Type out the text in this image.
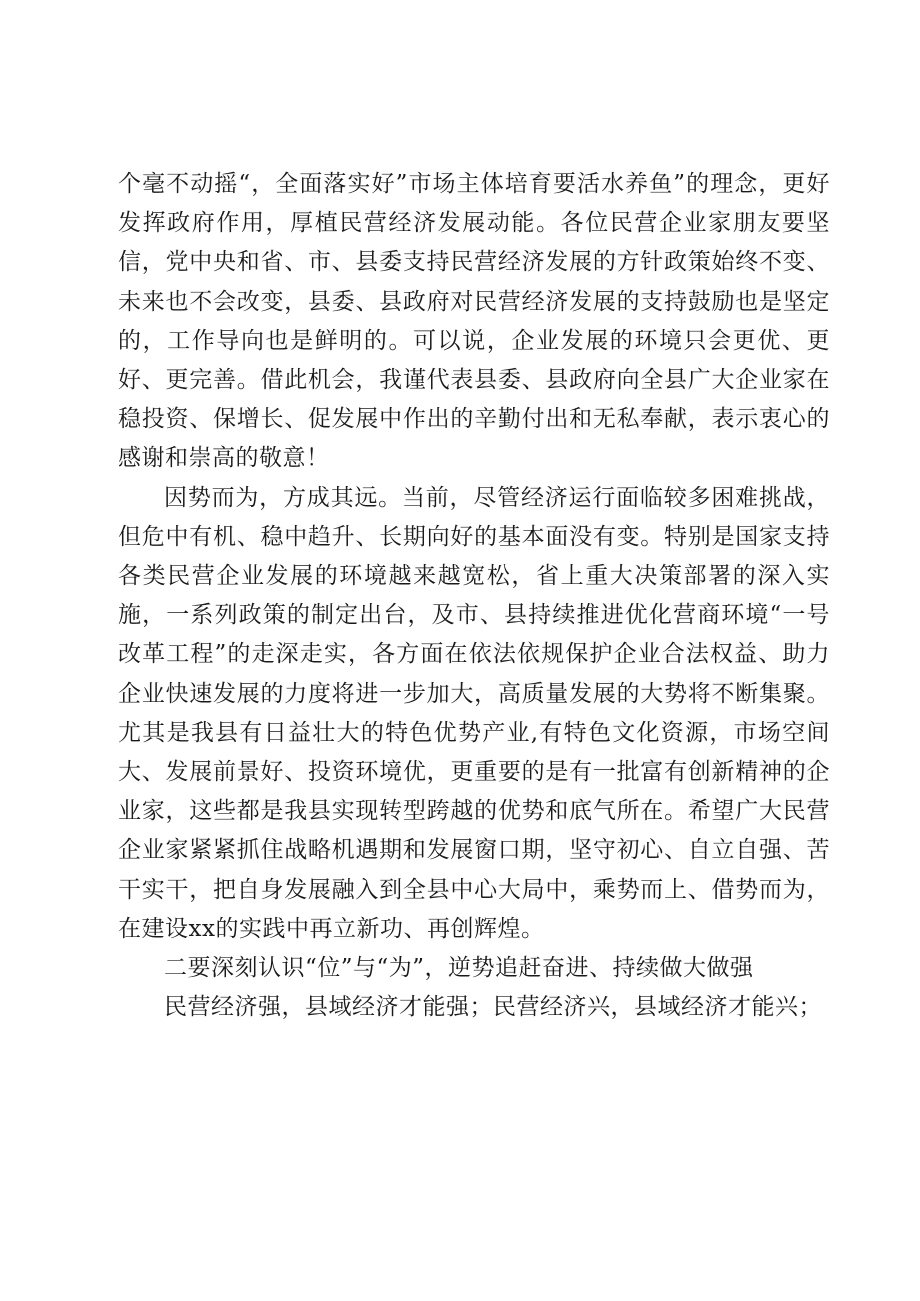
个毫不动摇“，全面落实好”市场主体培育要活水养鱼”的理念，更好发挥政府作用，厚植民营经济发展动能。各位民营企业家朋友要坚信，党中央和省、市、县委支持民营经济发展的方针政策始终不变、未来也不会改变，县委、县政府对民营经济发展的支持鼓励也是坚定的，工作导向也是鲜明的。可以说，企业发展的环境只会更优、更好、更完善。借此机会，我谨代表县委、县政府向全县广大企业家在稳投资、保增长、促发展中作出的辛勤付出和无私奉献，表示衷心的感谢和崇高的敬意！

因势而为，方成其远。当前，尽管经济运行面临较多困难挑战，但危中有机、稳中趋升、长期向好的基本面没有变。特别是国家支持各类民营企业发展的环境越来越宽松，省上重大决策部署的深入实施，一系列政策的制定出台，及市、县持续推进优化营商环境“一号改革工程”的走深走实，各方面在依法依规保护企业合法权益、助力企业快速发展的力度将进一步加大，高质量发展的大势将不断集聚。尤其是我县有日益壮大的特色优势产业,有特色文化资源，市场空间大、发展前景好、投资环境优，更重要的是有一批富有创新精神的企业家，这些都是我县实现转型跨越的优势和底气所在。希望广大民营企业家紧紧抓住战略机遇期和发展窗口期，坚守初心、自立自强、苦干实干，把自身发展融入到全县中心大局中，乘势而上、借势而为，在建设xx的实践中再立新功、再创辉煌。

二要深刻认识“位”与“为”，逆势追赶奋进、持续做大做强

民营经济强，县域经济才能强；民营经济兴，县域经济才能兴；
